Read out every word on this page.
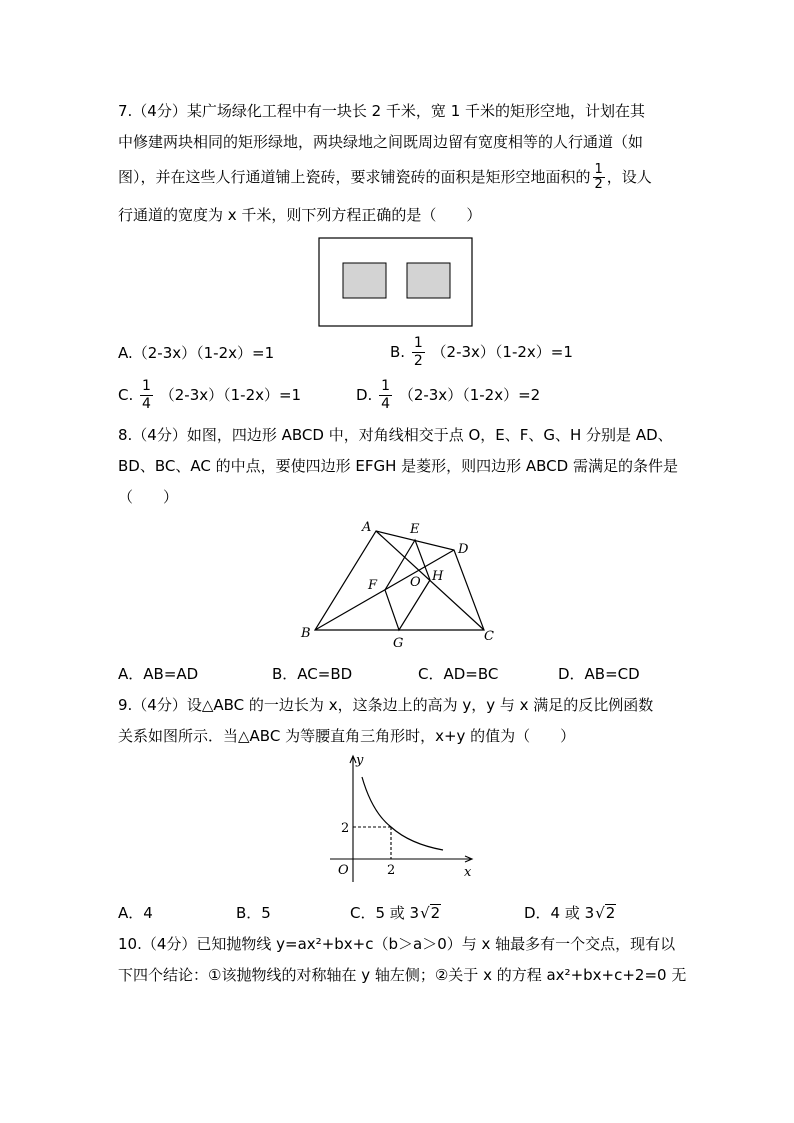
7.（4分）某广场绿化工程中有一块长 2 千米，宽 1 千米的矩形空地，计划在其
中修建两块相同的矩形绿地，两块绿地之间既周边留有宽度相等的人行通道（如
图），并在这些人行通道铺上瓷砖，要求铺瓷砖的面积是矩形空地面积的 $\frac{1}{2}$ ，设人
行通道的宽度为 x 千米，则下列方程正确的是（　　）
A.（2-3x）（1-2x）=1	B. $\frac{1}{2} (2-3x)(1-2x)=1$
C. $\frac{1}{4} (2-3x)(1-2x)=1$	D. $\frac{1}{4} (2-3x)(1-2x)=2$
8.（4分）如图，四边形 ABCD 中，对角线相交于点 O，E、F、G、H 分别是 AD、
BD、BC、AC 的中点，要使四边形 EFGH 是菱形，则四边形 ABCD 需满足的条件是
（　　）
A	E
D
F	O H
B
G	C
A．AB=AD	B．AC=BD	C．AD=BC	D．AB=CD
9.（4分）设△ABC 的一边长为 x，这条边上的高为 y，y 与 x 满足的反比例函数
关系如图所示．当△ABC 为等腰直角三角形时，x+y 的值为（　　）
y
2
O	2	x
A．4	B．5	C．5 或 3√2	D．4 或 3√2
10.（4分）已知抛物线 y=ax²+bx+c（b＞a＞0）与 x 轴最多有一个交点，现有以
下四个结论：①该抛物线的对称轴在 y 轴左侧；②关于 x 的方程 ax²+bx+c+2=0 无
